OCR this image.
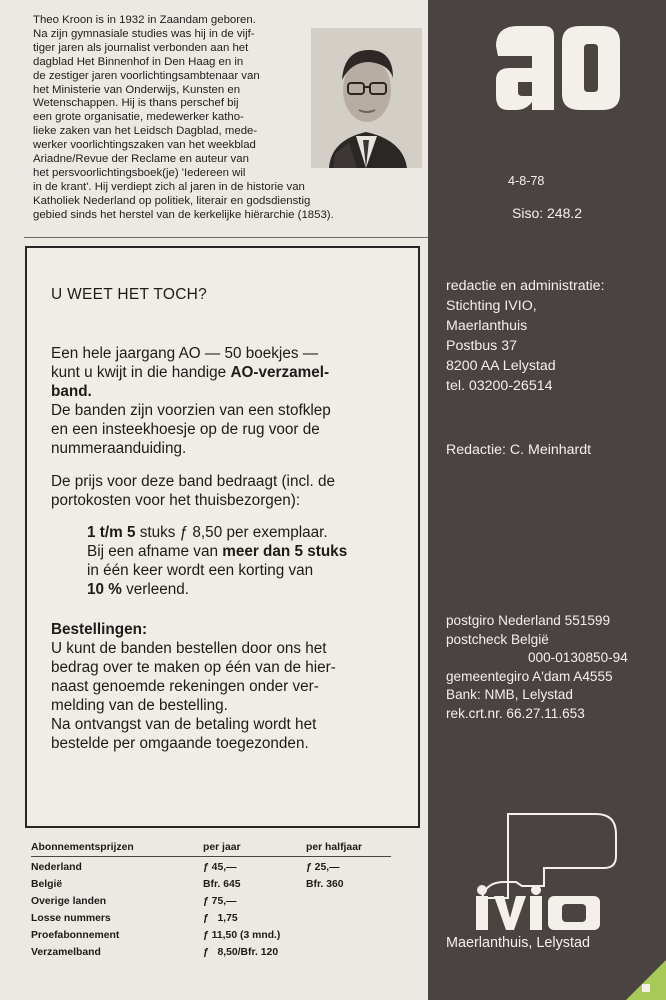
Theo Kroon is in 1932 in Zaandam geboren.
Na zijn gymnasiale studies was hij in de vijf-
tiger jaren als journalist verbonden aan het
dagblad Het Binnenhof in Den Haag en in
de zestiger jaren voorlichtingsambtenaar van
het Ministerie van Onderwijs, Kunsten en
Wetenschappen. Hij is thans perschef bij
een grote organisatie, medewerker katho-
lieke zaken van het Leidsch Dagblad, mede-
werker voorlichtingszaken van het weekblad
Ariadne/Revue der Reclame en auteur van
het persvoorlichtingsboek(je) 'Iedereen wil
in de krant'. Hij verdiept zich al jaren in de historie van
Katholiek Nederland op politiek, literair en godsdienstig
gebied sinds het herstel van de kerkelijke hiërarchie (1853).
U WEET HET TOCH?
Een hele jaargang AO — 50 boekjes —
kunt u kwijt in die handige AO-verzamel-
band.
De banden zijn voorzien van een stofklep
en een insteekhoesje op de rug voor de
nummeraanduiding.
De prijs voor deze band bedraagt (incl. de
portokosten voor het thuisbezorgen):
1 t/m 5 stuks ƒ 8,50 per exemplaar.
Bij een afname van meer dan 5 stuks
in één keer wordt een korting van
10 % verleend.
Bestellingen:
U kunt de banden bestellen door ons het
bedrag over te maken op één van de hier-
naast genoemde rekeningen onder ver-
melding van de bestelling.
Na ontvangst van de betaling wordt het
bestelde per omgaande toegezonden.
Abonnementsprijzen	per jaar	per halfjaar
Nederland	ƒ 45,—	ƒ 25,—
België	Bfr. 645	Bfr. 360
Overige landen	ƒ 75,—
Losse nummers	ƒ   1,75
Proefabonnement	ƒ 11,50 (3 mnd.)
Verzamelband	ƒ   8,50/Bfr. 120
4-8-78
Siso: 248.2
redactie en administratie:
Stichting IVIO,
Maerlanthuis
Postbus 37
8200 AA Lelystad
tel. 03200-26514
Redactie: C. Meinhardt
postgiro Nederland 551599
postcheck België
000-0130850-94
gemeentegiro A'dam A4555
Bank: NMB, Lelystad
rek.crt.nr. 66.27.11.653
Maerlanthuis, Lelystad
